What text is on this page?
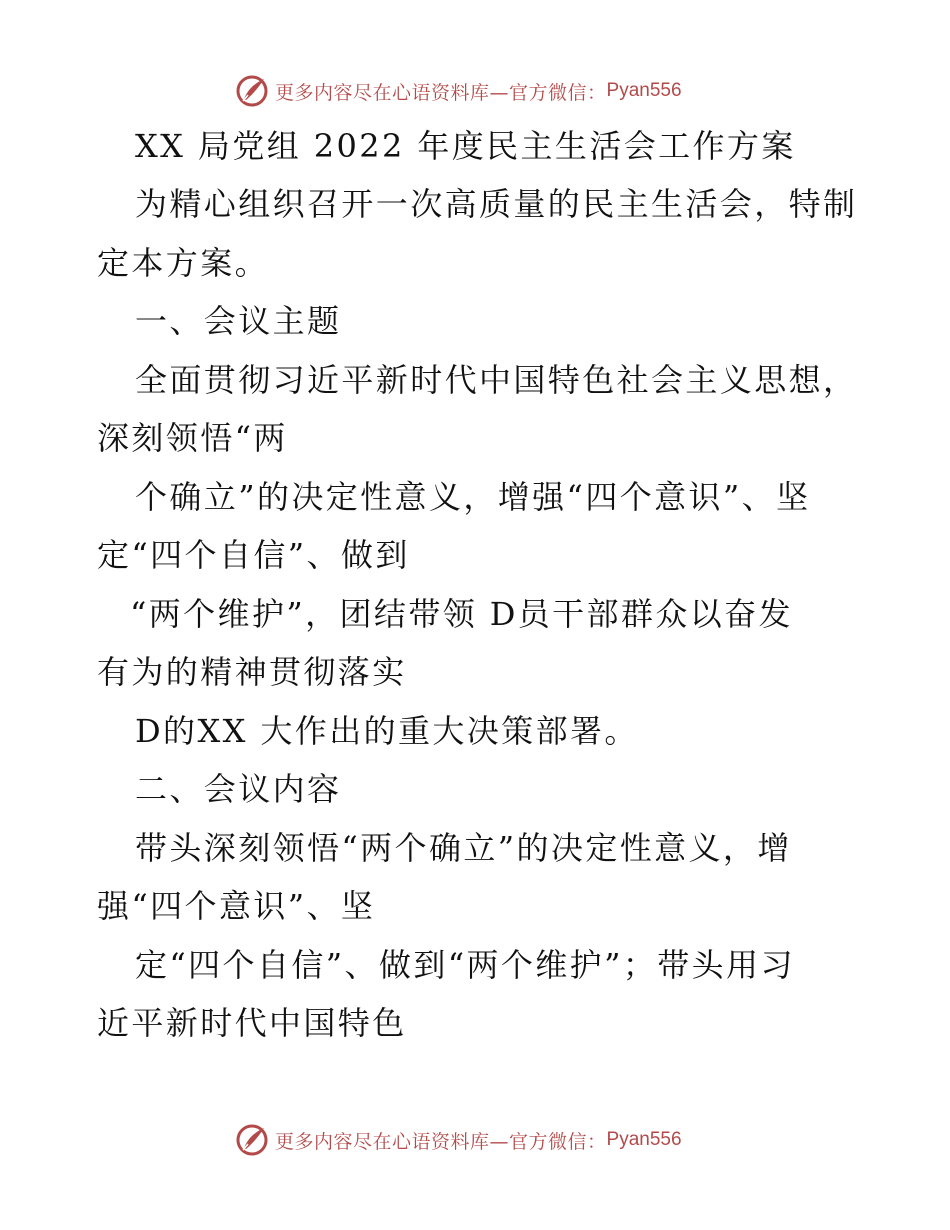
更多内容尽在心语资料库—官方微信： Pyan556
XX 局党组 2022 年度民主生活会工作方案
为精心组织召开一次高质量的民主生活会，特制
定本方案。
一、会议主题
全面贯彻习近平新时代中国特色社会主义思想，
深刻领悟“两
个确立”的决定性意义，增强“四个意识”、坚
定“四个自信”、做到
“两个维护”，团结带领 D员干部群众以奋发
有为的精神贯彻落实
D的XX 大作出的重大决策部署。
二、会议内容
带头深刻领悟“两个确立”的决定性意义，增
强“四个意识”、坚
定“四个自信”、做到“两个维护”；带头用习
近平新时代中国特色
更多内容尽在心语资料库—官方微信： Pyan556
